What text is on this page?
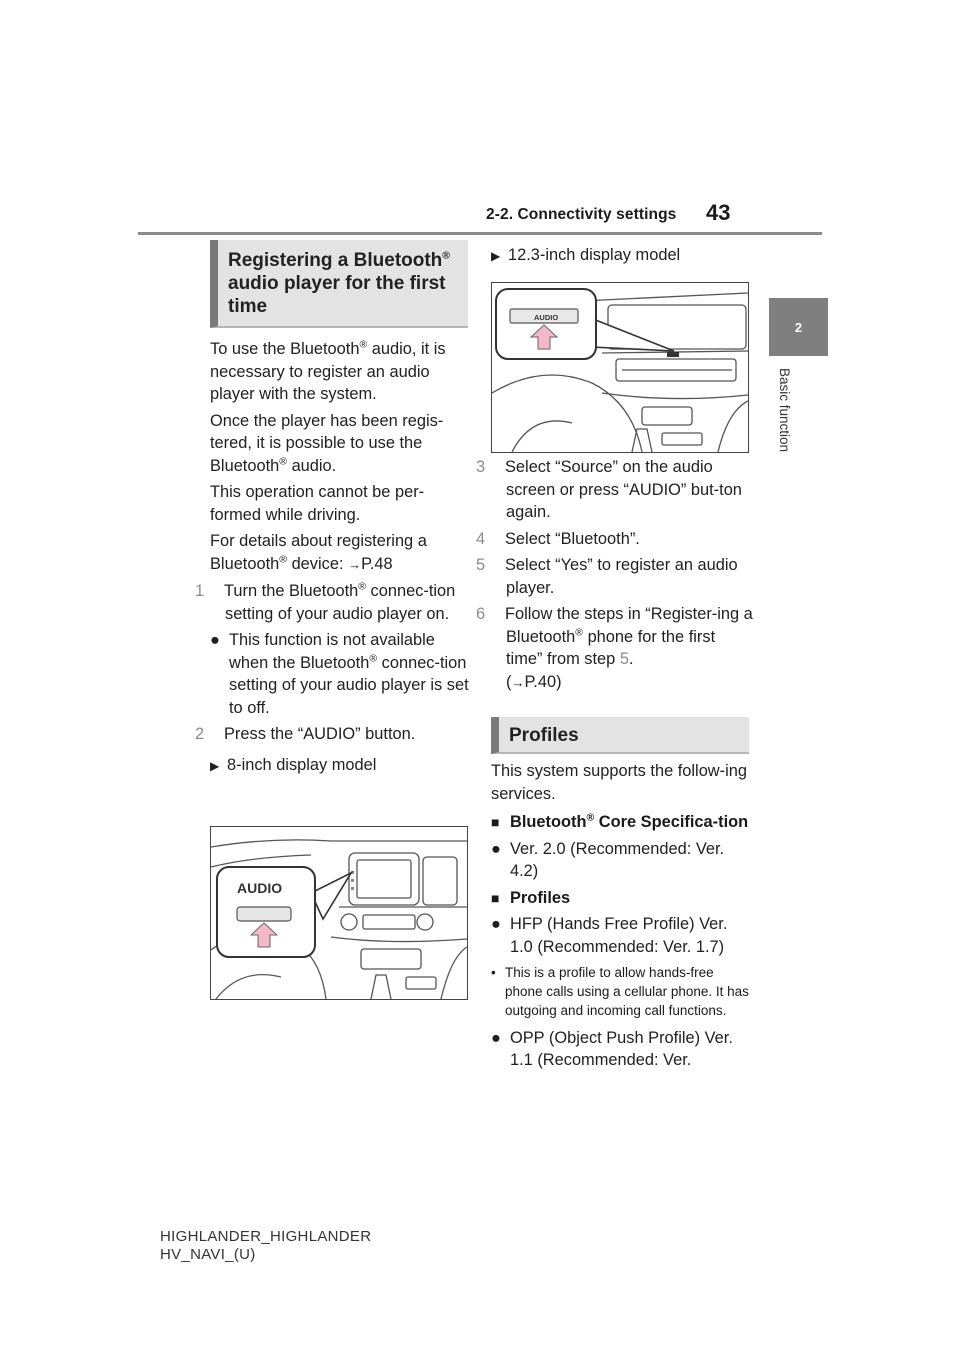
2-2. Connectivity settings	43
2
Basic function
Registering a Bluetooth® audio player for the first time
To use the Bluetooth® audio, it is necessary to register an audio player with the system.
Once the player has been regis-tered, it is possible to use the Bluetooth® audio.
This operation cannot be per-formed while driving.
For details about registering a Bluetooth® device: →P.48
1 Turn the Bluetooth® connec-tion setting of your audio player on.
● This function is not available when the Bluetooth® connec-tion setting of your audio player is set to off.
2 Press the “AUDIO” button.
▶ 8-inch display model
AUDIO
▶ 12.3-inch display model
AUDIO
3 Select “Source” on the audio screen or press “AUDIO” but-ton again.
4 Select “Bluetooth”.
5 Select “Yes” to register an audio player.
6 Follow the steps in “Register-ing a Bluetooth® phone for the first time” from step 5.
(→P.40)
Profiles
This system supports the follow-ing services.
■ Bluetooth® Core Specifica-tion
● Ver. 2.0 (Recommended: Ver. 4.2)
■ Profiles
● HFP (Hands Free Profile) Ver. 1.0 (Recommended: Ver. 1.7)
• This is a profile to allow hands-free phone calls using a cellular phone. It has outgoing and incoming call functions.
● OPP (Object Push Profile) Ver. 1.1 (Recommended: Ver.
HIGHLANDER_HIGHLANDER
HV_NAVI_(U)
